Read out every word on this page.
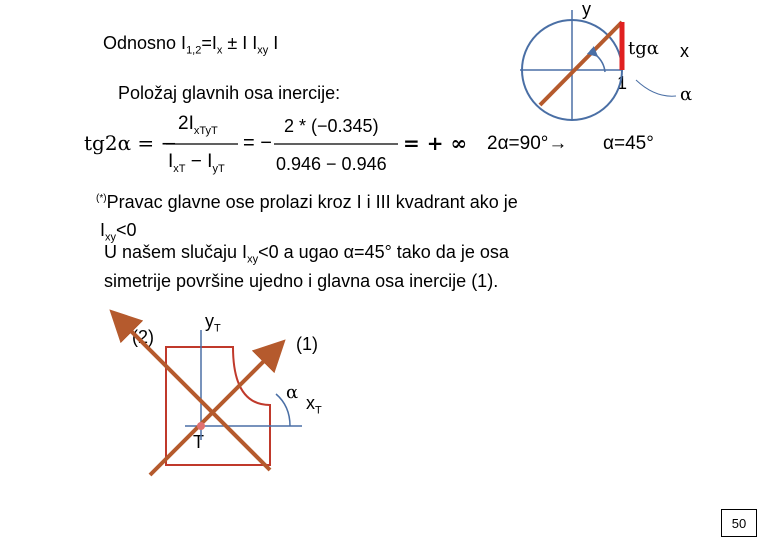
Odnosno $I_{1,2}=I_x \pm I$ $I_{xy}$ I
Položaj glavnih osa inercije:
tg2α = −
$2I_{xTyT}$
$I_{xT} - I_{yT}$
= −
2 * (−0.345)
0.946 − 0.946
= + ∞ 2α=90°→ α=45°
y
tgα x
1
α
(*)Pravac glavne ose prolazi kroz I i III kvadrant ako je
$I_{xy}<0$
U našem slučaju $I_{xy}<0$ a ugao α=45° tako da je osa
simetrije površine ujedno i glavna osa inercije (1).
(2)	(1)
$y_T$
α $x_T$
T
50
